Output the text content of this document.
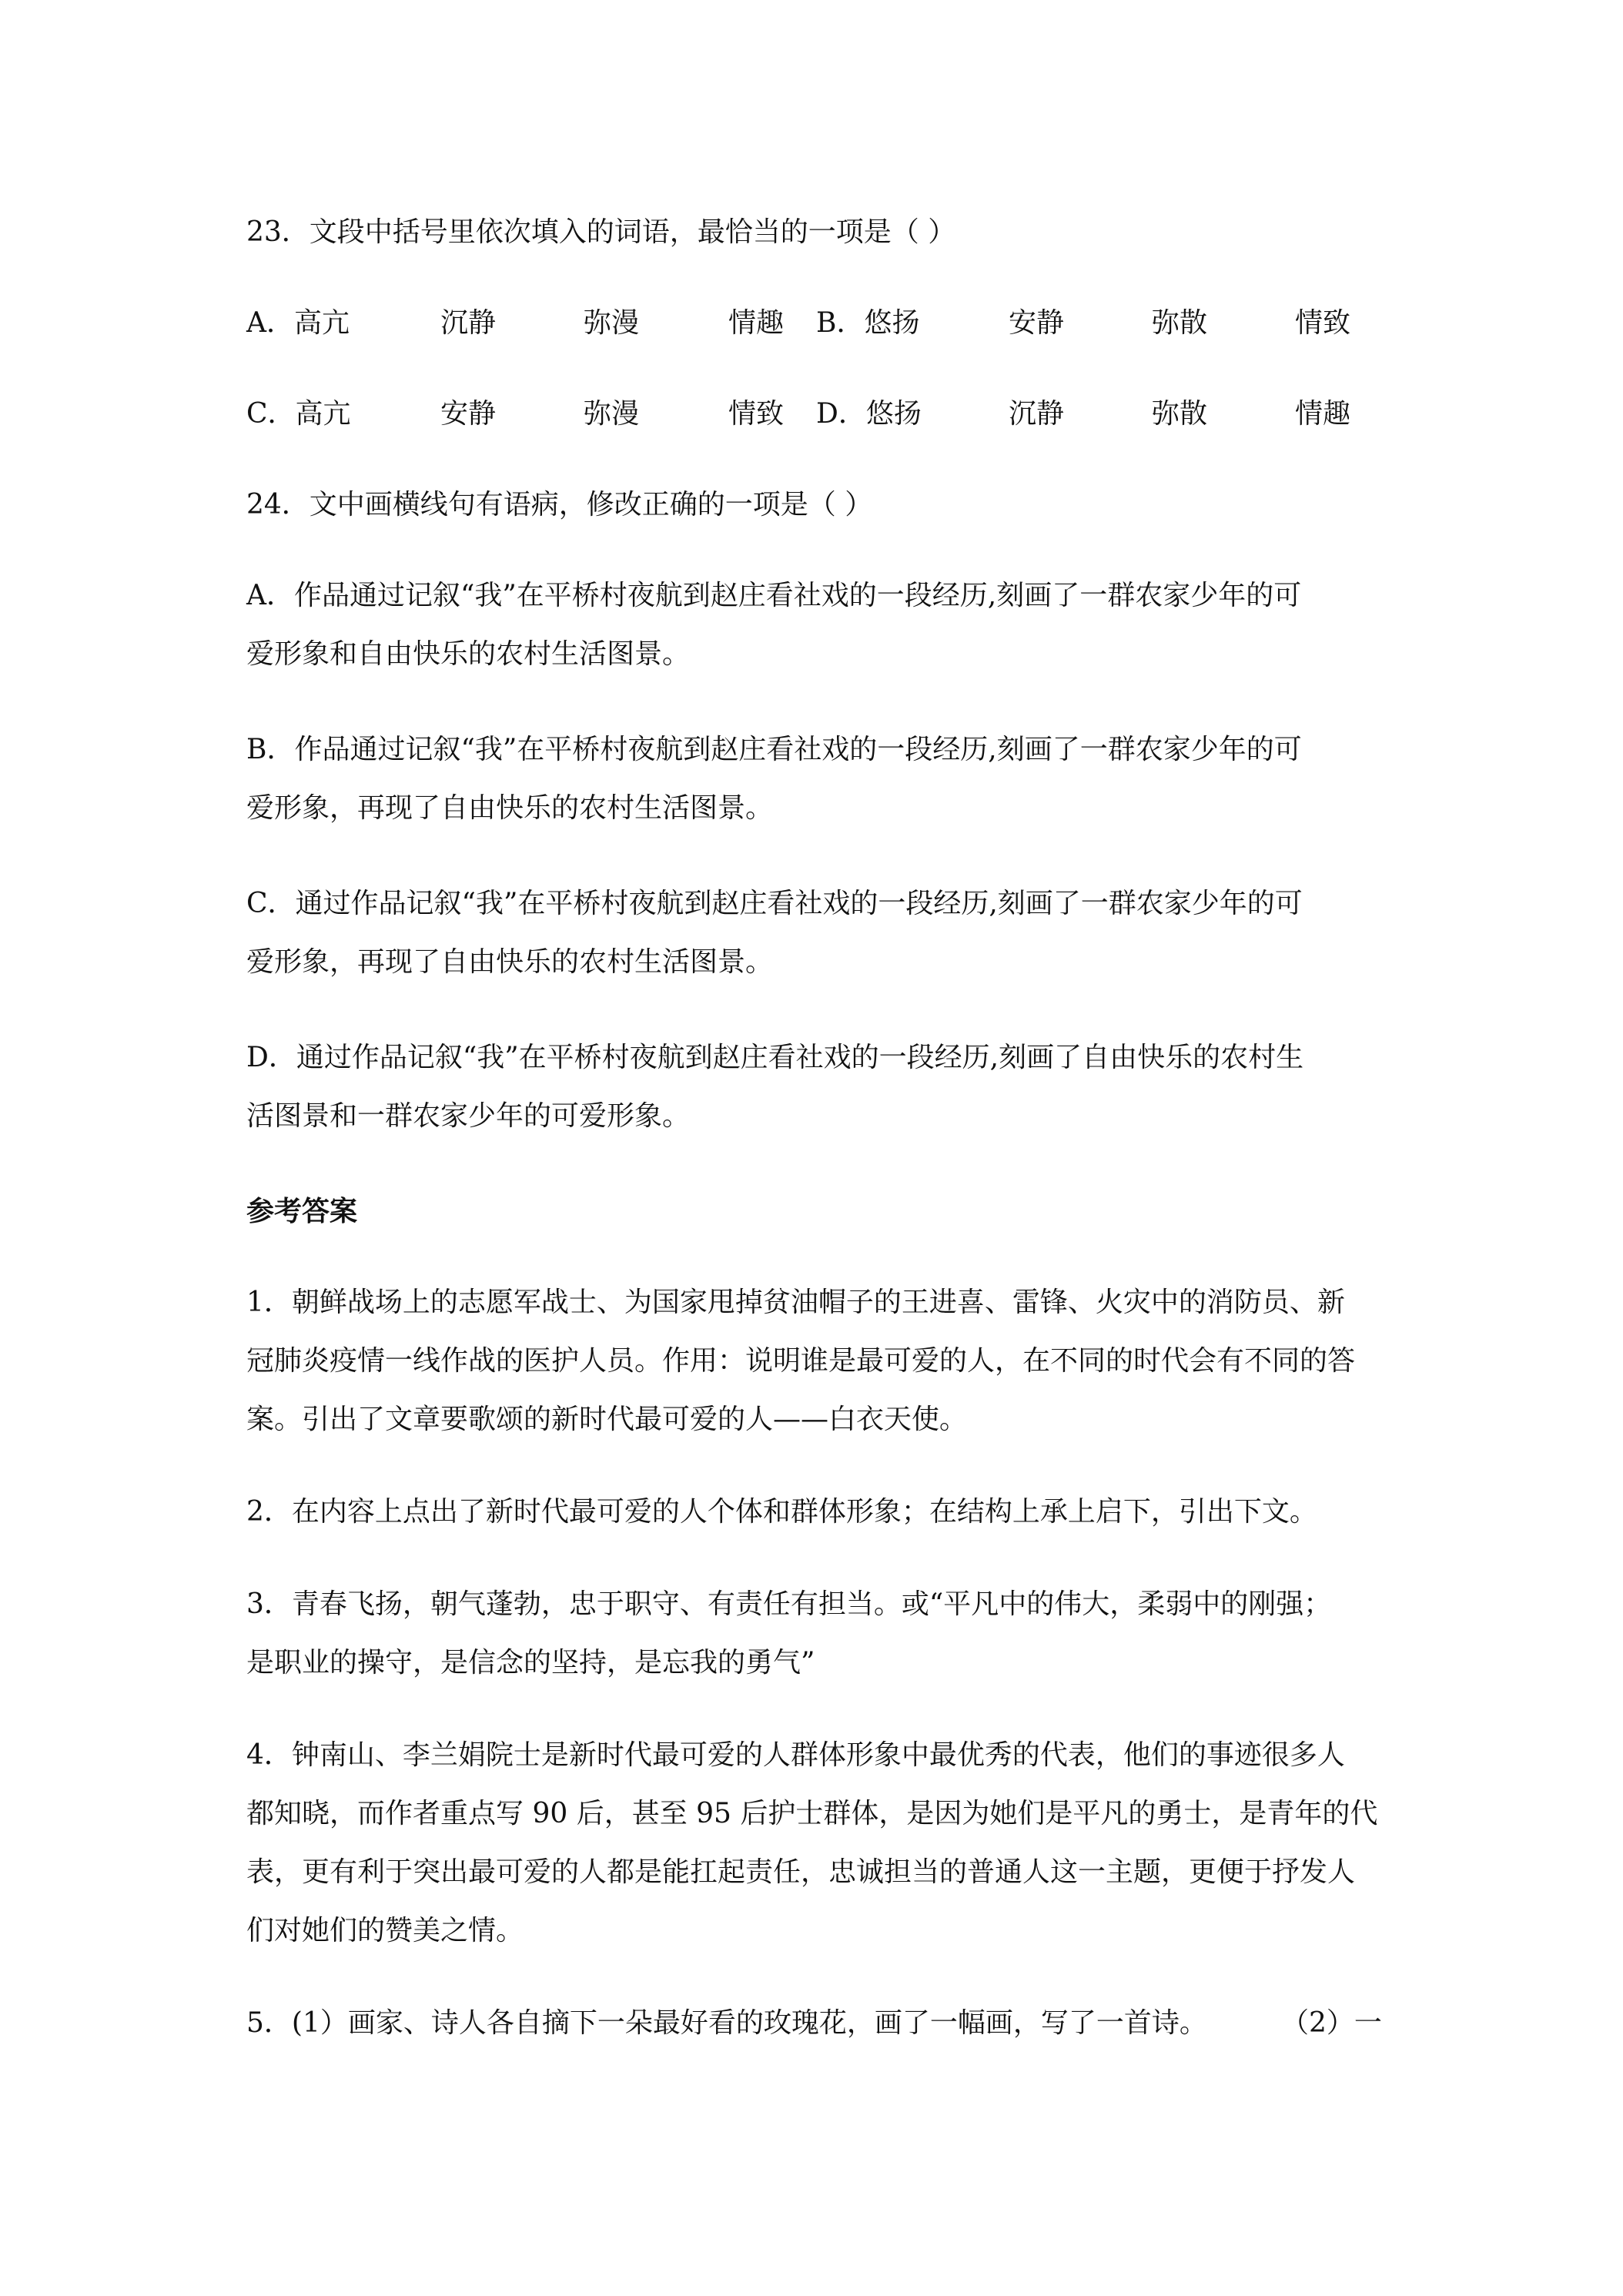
23．文段中括号里依次填入的词语，最恰当的一项是（ ）
A．高亢	沉静	弥漫	情趣 B．悠扬	安静	弥散	情致
C．高亢	安静	弥漫	情致 D．悠扬	沉静	弥散	情趣
24．文中画横线句有语病，修改正确的一项是（ ）
A．作品通过记叙“我”在平桥村夜航到赵庄看社戏的一段经历,刻画了一群农家少年的可
爱形象和自由快乐的农村生活图景。
B．作品通过记叙“我”在平桥村夜航到赵庄看社戏的一段经历,刻画了一群农家少年的可
爱形象，再现了自由快乐的农村生活图景。
C．通过作品记叙“我”在平桥村夜航到赵庄看社戏的一段经历,刻画了一群农家少年的可
爱形象，再现了自由快乐的农村生活图景。
D．通过作品记叙“我”在平桥村夜航到赵庄看社戏的一段经历,刻画了自由快乐的农村生
活图景和一群农家少年的可爱形象。
参考答案
1．朝鲜战场上的志愿军战士、为国家甩掉贫油帽子的王进喜、雷锋、火灾中的消防员、新
冠肺炎疫情一线作战的医护人员。作用：说明谁是最可爱的人，在不同的时代会有不同的答
案。引出了文章要歌颂的新时代最可爱的人——白衣天使。
2．在内容上点出了新时代最可爱的人个体和群体形象；在结构上承上启下，引出下文。
3．青春飞扬，朝气蓬勃，忠于职守、有责任有担当。或“平凡中的伟大，柔弱中的刚强；
是职业的操守，是信念的坚持，是忘我的勇气”
4．钟南山、李兰娟院士是新时代最可爱的人群体形象中最优秀的代表，他们的事迹很多人
都知晓，而作者重点写 90 后，甚至 95 后护士群体，是因为她们是平凡的勇士，是青年的代
表，更有利于突出最可爱的人都是能扛起责任，忠诚担当的普通人这一主题，更便于抒发人
们对她们的赞美之情。
5．(1）画家、诗人各自摘下一朵最好看的玫瑰花，画了一幅画，写了一首诗。	（2）一
